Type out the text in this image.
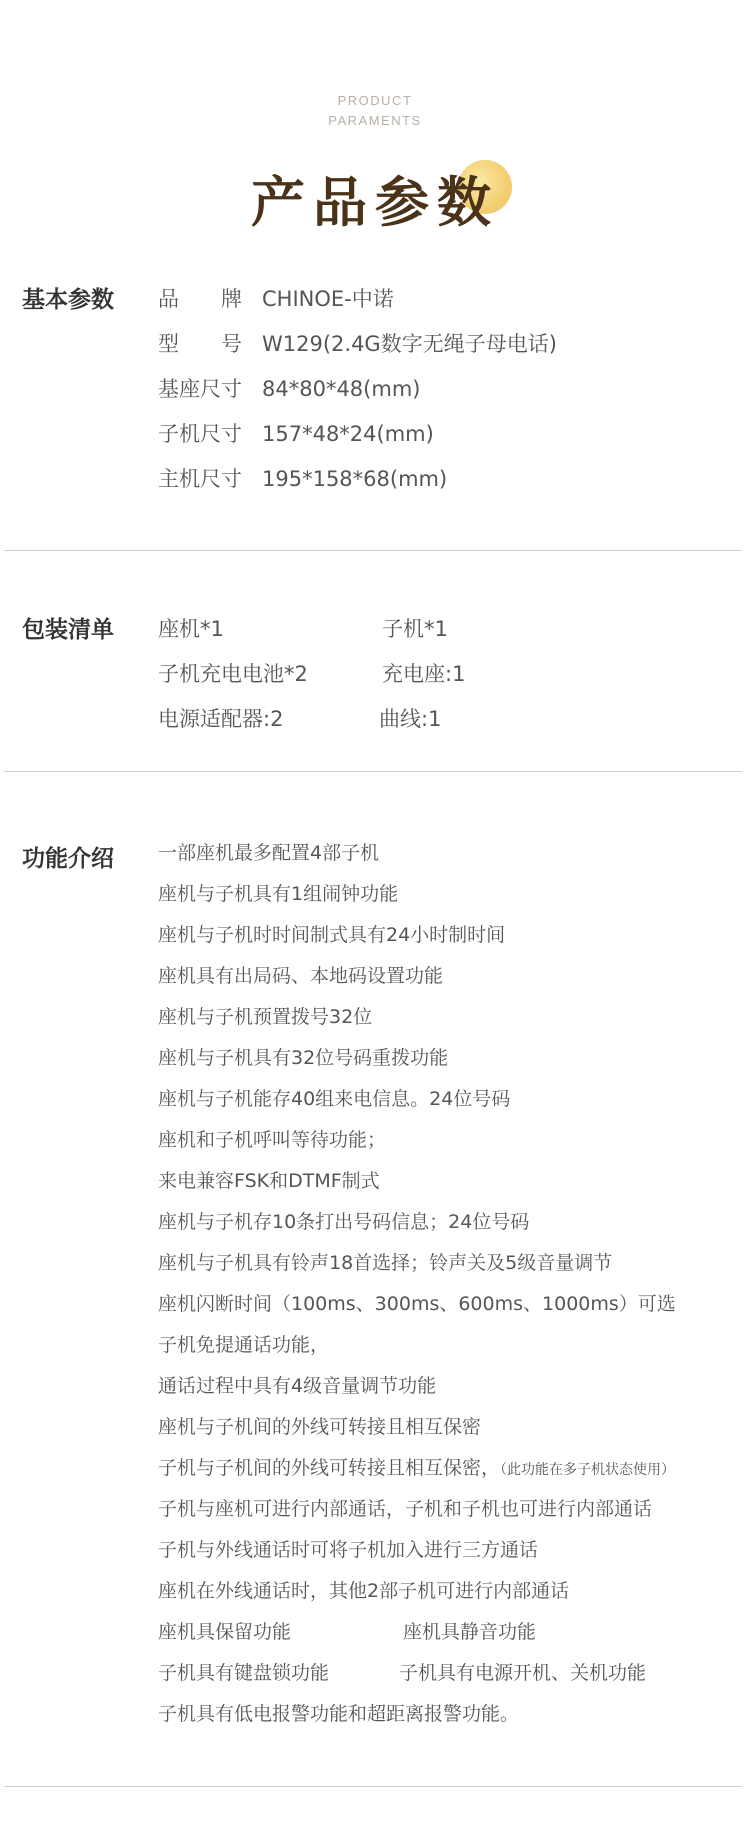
PRODUCT
PARAMENTS
产品参数
基本参数 品　　牌 CHINOE-中诺
型　　号 W129(2.4G数字无绳子母电话)
基座尺寸 84*80*48(mm)
子机尺寸 157*48*24(mm)
主机尺寸 195*158*68(mm)
包装清单 座机*1	子机*1
子机充电电池*2	充电座:1
电源适配器:2	曲线:1
功能介绍 一部座机最多配置4部子机
座机与子机具有1组闹钟功能
座机与子机时时间制式具有24小时制时间
座机具有出局码、本地码设置功能
座机与子机预置拨号32位
座机与子机具有32位号码重拨功能
座机与子机能存40组来电信息。24位号码
座机和子机呼叫等待功能；
来电兼容FSK和DTMF制式
座机与子机存10条打出号码信息；24位号码
座机与子机具有铃声18首选择；铃声关及5级音量调节
座机闪断时间（100ms、300ms、600ms、1000ms）可选
子机免提通话功能，
通话过程中具有4级音量调节功能
座机与子机间的外线可转接且相互保密
子机与子机间的外线可转接且相互保密，（此功能在多子机状态使用）
子机与座机可进行内部通话，子机和子机也可进行内部通话
子机与外线通话时可将子机加入进行三方通话
座机在外线通话时，其他2部子机可进行内部通话
座机具保留功能	座机具静音功能
子机具有键盘锁功能	子机具有电源开机、关机功能
子机具有低电报警功能和超距离报警功能。
